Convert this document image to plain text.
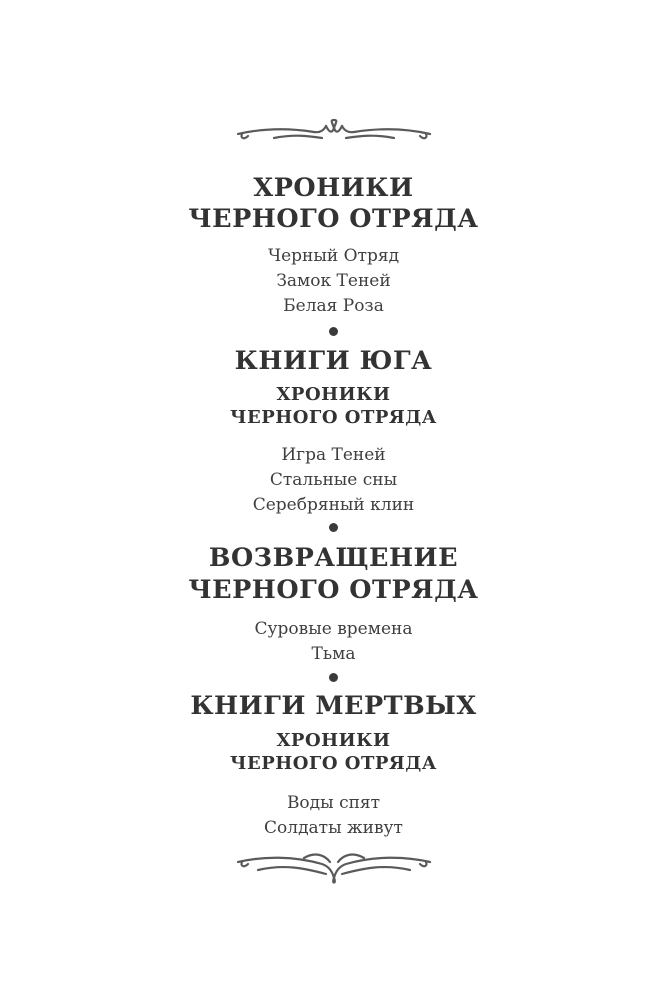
ХРОНИКИ
ЧЕРНОГО ОТРЯДА
Черный Отряд
Замок Теней
Белая Роза
КНИГИ ЮГА
ХРОНИКИ
ЧЕРНОГО ОТРЯДА
Игра Теней
Стальные сны
Серебряный клин
ВОЗВРАЩЕНИЕ
ЧЕРНОГО ОТРЯДА
Суровые времена
Тьма
КНИГИ МЕРТВЫХ
ХРОНИКИ
ЧЕРНОГО ОТРЯДА
Воды спят
Солдаты живут
